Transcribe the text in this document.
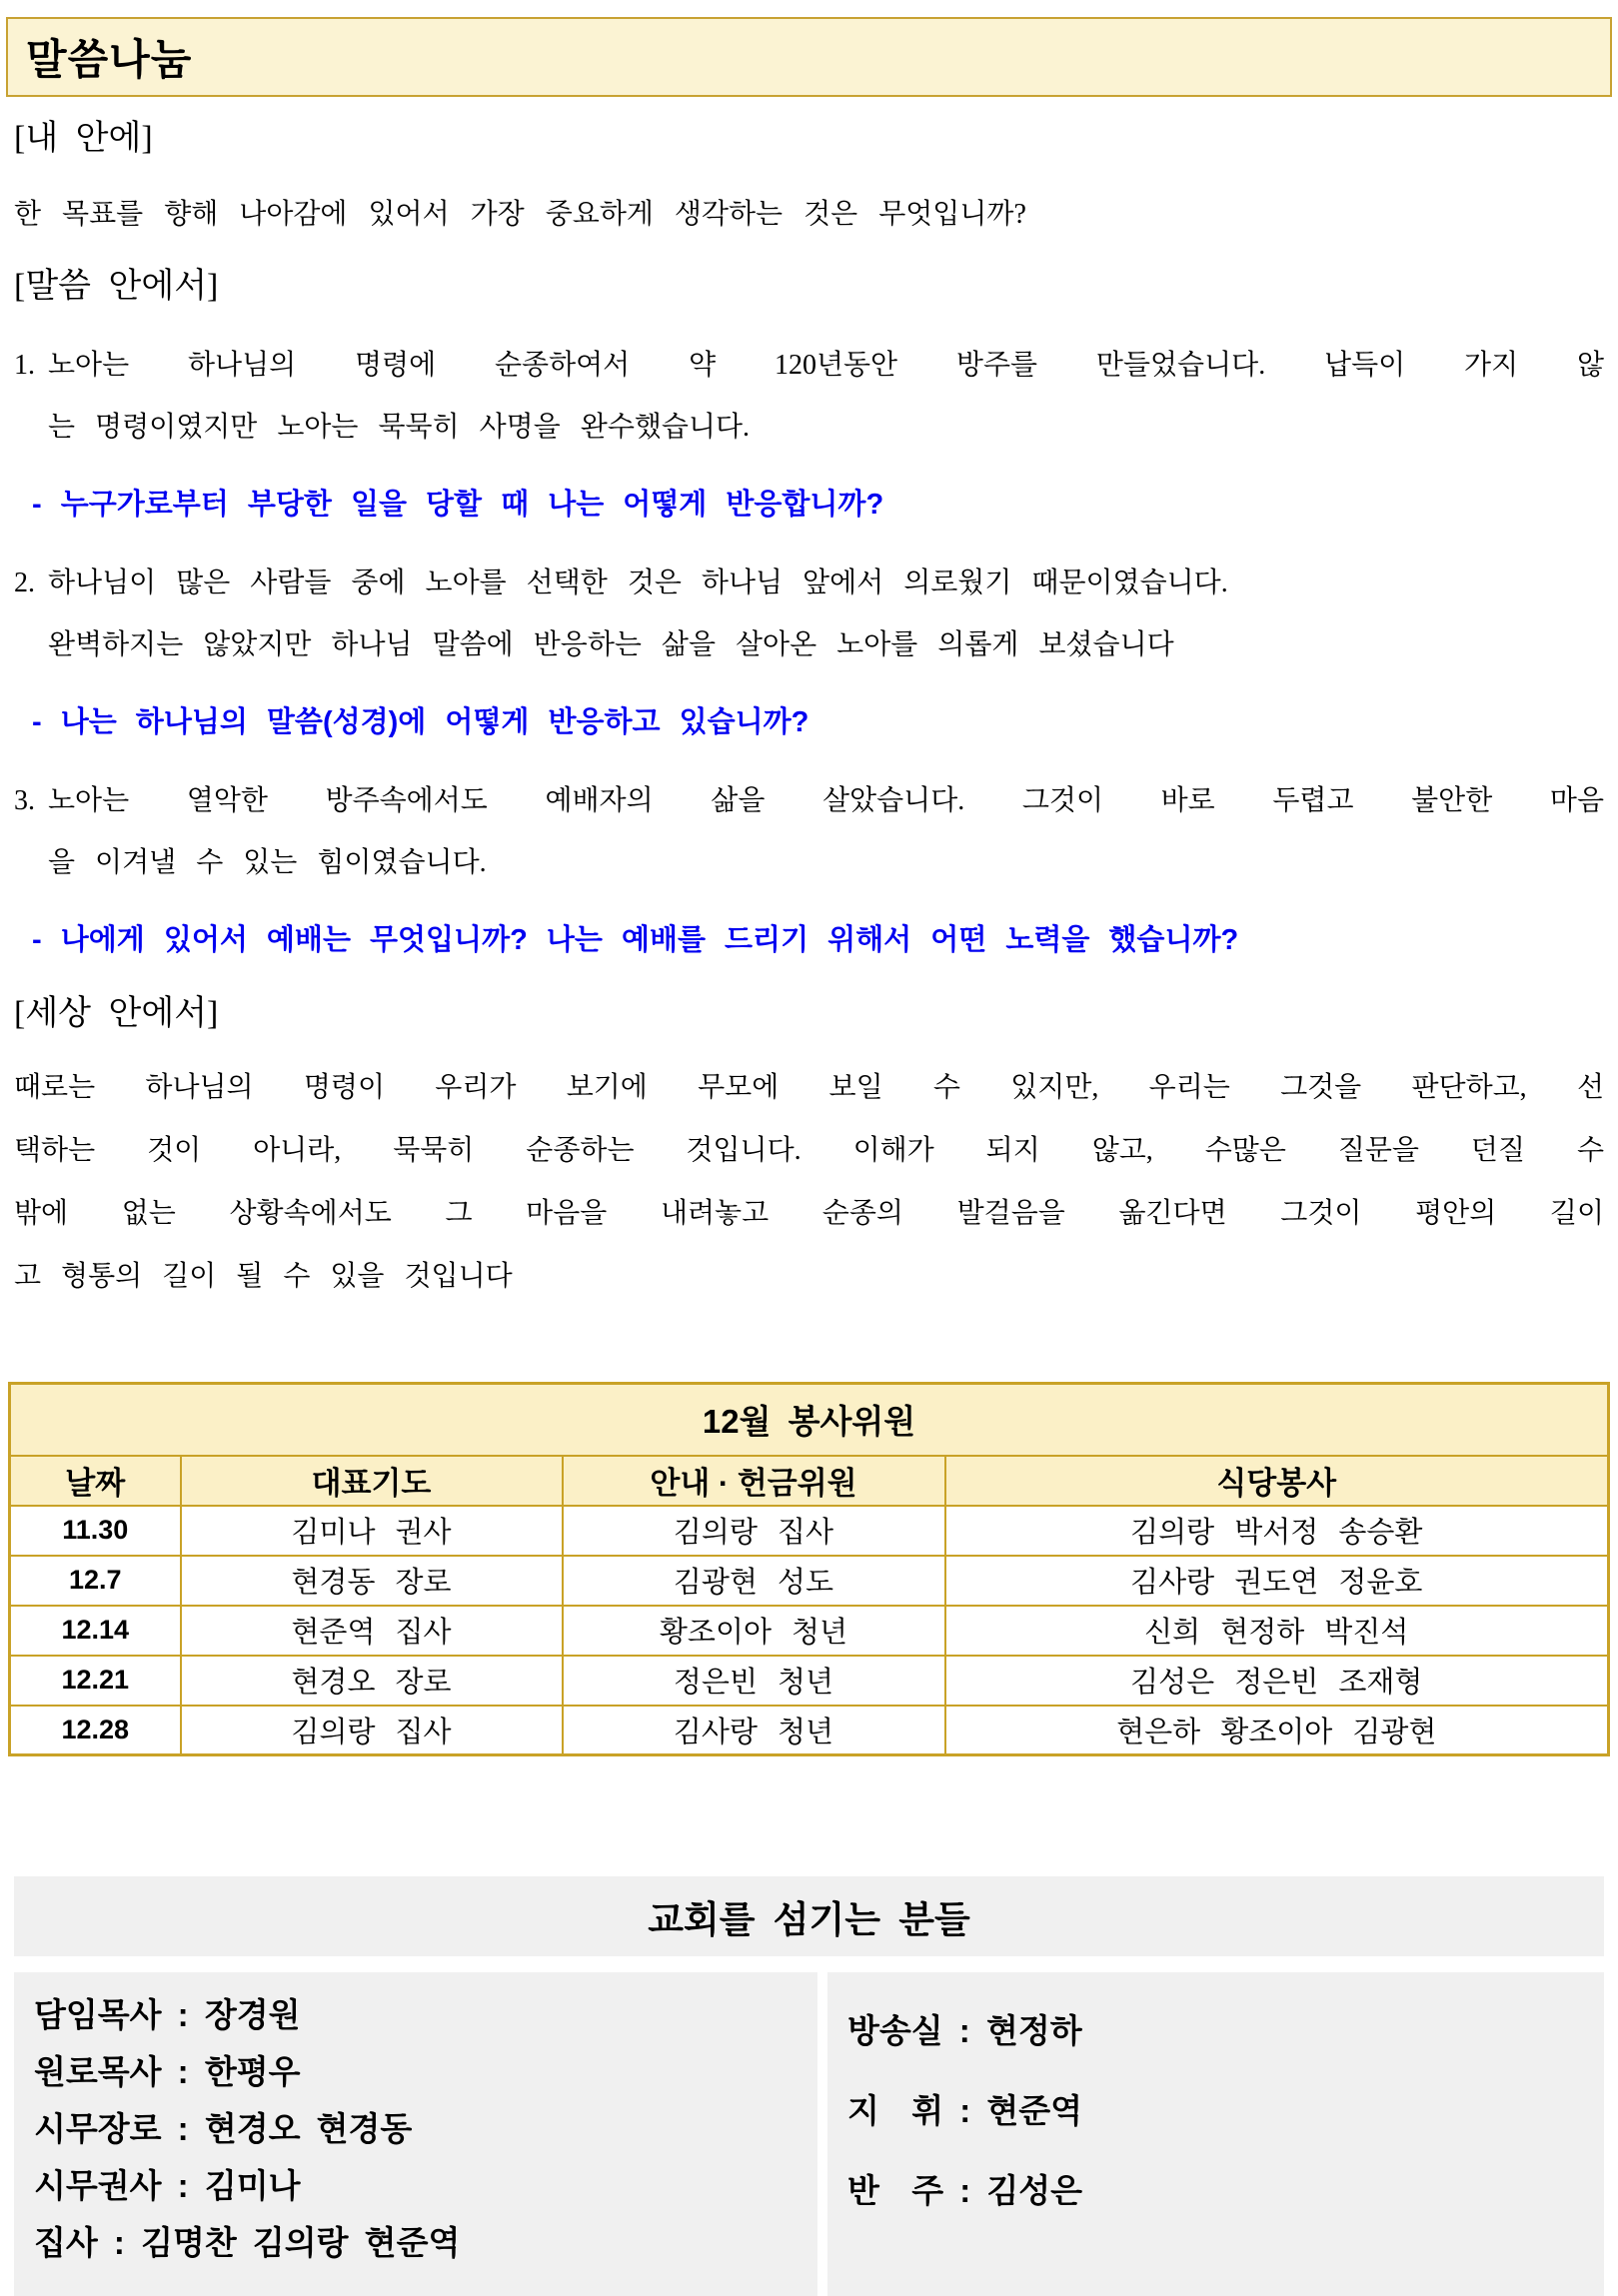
말씀나눔
[내 안에]
한 목표를 향해 나아감에 있어서 가장 중요하게 생각하는 것은 무엇입니까?
[말씀 안에서]
1. 노아는 하나님의 명령에 순종하여서 약 120년동안 방주를 만들었습니다. 납득이 가지 않
는 명령이였지만 노아는 묵묵히 사명을 완수했습니다.
- 누구가로부터 부당한 일을 당할 때 나는 어떻게 반응합니까?
2. 하나님이 많은 사람들 중에 노아를 선택한 것은 하나님 앞에서 의로웠기 때문이였습니다.
완벽하지는 않았지만 하나님 말씀에 반응하는 삶을 살아온 노아를 의롭게 보셨습니다
- 나는 하나님의 말씀(성경)에 어떻게 반응하고 있습니까?
3. 노아는 열악한 방주속에서도 예배자의 삶을 살았습니다. 그것이 바로 두렵고 불안한 마음
을 이겨낼 수 있는 힘이였습니다.
- 나에게 있어서 예배는 무엇입니까? 나는 예배를 드리기 위해서 어떤 노력을 했습니까?
[세상 안에서]
때로는 하나님의 명령이 우리가 보기에 무모에 보일 수 있지만, 우리는 그것을 판단하고, 선
택하는 것이 아니라, 묵묵히 순종하는 것입니다. 이해가 되지 않고, 수많은 질문을 던질 수
밖에 없는 상황속에서도 그 마음을 내려놓고 순종의 발걸음을 옮긴다면 그것이 평안의 길이
고 형통의 길이 될 수 있을 것입니다
12월 봉사위원			
날짜	대표기도	안내 · 헌금위원	식당봉사
11.30	김미나 권사	김의랑 집사	김의랑 박서정 송승환
12.7	현경동 장로	김광현 성도	김사랑 권도연 정윤호
12.14	현준역 집사	황조이아 청년	신희 현정하 박진석
12.21	현경오 장로	정은빈 청년	김성은 정은빈 조재형
12.28	김의랑 집사	김사랑 청년	현은하 황조이아 김광현
교회를 섬기는 분들
담임목사 : 장경원
원로목사 : 한평우
시무장로 : 현경오 현경동
시무권사 : 김미나
집사 : 김명찬 김의랑 현준역
방송실 : 현정하
지  휘 : 현준역
반  주 : 김성은
